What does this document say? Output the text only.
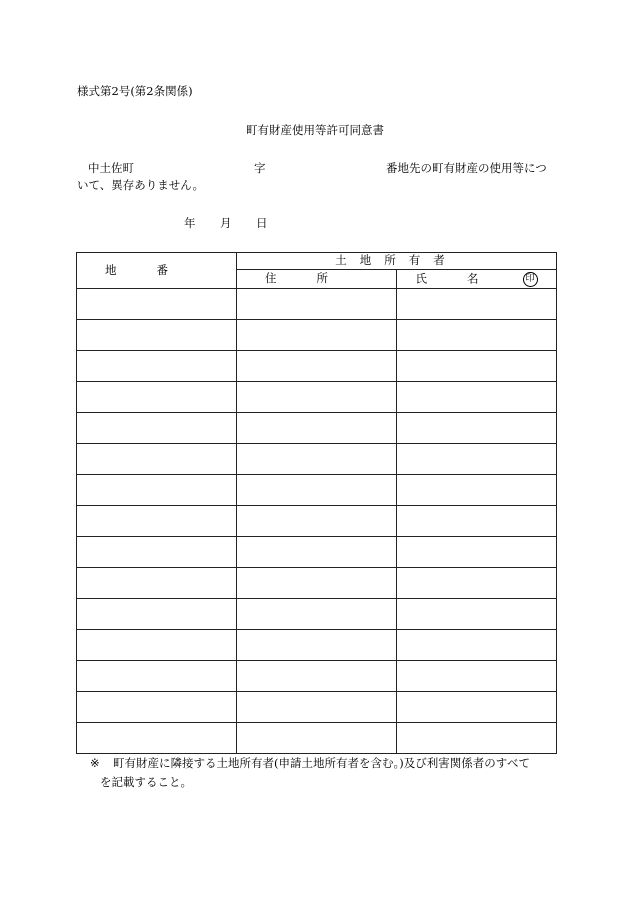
様式第2号(第2条関係)
町有財産使用等許可同意書
中土佐町	字	番地先の町有財産の使用等につ
いて、異存ありません。
年 月 日
地番	土地所有者	
	住所	氏名 印

※ 町有財産に隣接する土地所有者(申請土地所有者を含む。)及び利害関係者のすべて
を記載すること。
